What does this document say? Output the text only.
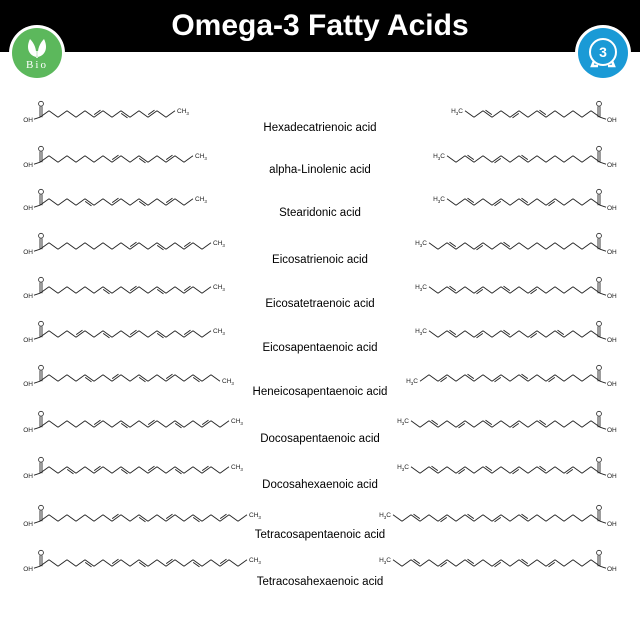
Omega-3 Fatty Acids
Bio
3
OH
$CH_3$
OH
$H_3C$
Hexadecatrienoic acid
OH
$CH_3$
OH
$H_3C$
alpha-Linolenic acid
OH
$CH_3$
OH
$H_3C$
Stearidonic acid
OH
$CH_3$
OH
$H_3C$
Eicosatrienoic acid
OH
$CH_3$
OH
$H_3C$
Eicosatetraenoic acid
OH
$CH_3$
OH
$H_3C$
Eicosapentaenoic acid
OH	$CH_3$	OH
$H_3C$
Heneicosapentaenoic acid
OH
$CH_3$
OH
$H_3C$
Docosapentaenoic acid
OH
$CH_3$
OH
$H_3C$
Docosahexaenoic acid
OH
$CH_3$
OH
$H_3C$
Tetracosapentaenoic acid
OH
$CH_3$
OH
$H_3C$
Tetracosahexaenoic acid
